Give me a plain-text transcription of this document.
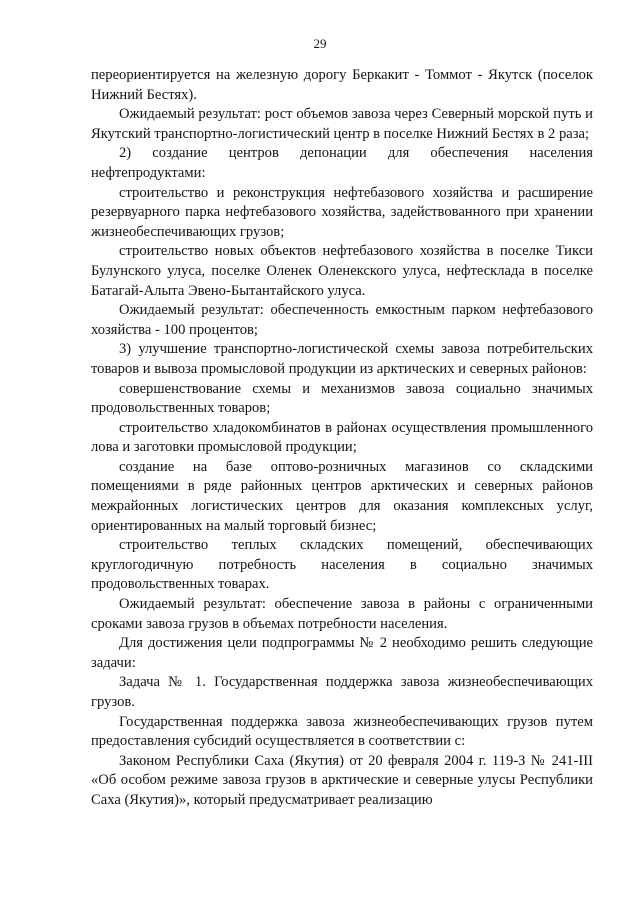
29

переориентируется на железную дорогу Беркакит - Томмот - Якутск (поселок Нижний Бестях).

Ожидаемый результат: рост объемов завоза через Северный морской путь и Якутский транспортно-логистический центр в поселке Нижний Бестях в 2 раза;

2) создание центров депонации для обеспечения населения нефтепродуктами:

строительство и реконструкция нефтебазового хозяйства и расширение резервуарного парка нефтебазового хозяйства, задействованного при хранении жизнеобеспечивающих грузов;

строительство новых объектов нефтебазового хозяйства в поселке Тикси Булунского улуса, поселке Оленек Оленекского улуса, нефтесклада в поселке Батагай-Алыта Эвено-Бытантайского улуса.

Ожидаемый результат: обеспеченность емкостным парком нефтебазового хозяйства - 100 процентов;

3) улучшение транспортно-логистической схемы завоза потребительских товаров и вывоза промысловой продукции из арктических и северных районов:

совершенствование схемы и механизмов завоза социально значимых продовольственных товаров;

строительство хладокомбинатов в районах осуществления промышленного лова и заготовки промысловой продукции;

создание на базе оптово-розничных магазинов со складскими помещениями в ряде районных центров арктических и северных районов межрайонных логистических центров для оказания комплексных услуг, ориентированных на малый торговый бизнес;

строительство теплых складских помещений, обеспечивающих круглогодичную потребность населения в социально значимых продовольственных товарах.

Ожидаемый результат: обеспечение завоза в районы с ограниченными сроками завоза грузов в объемах потребности населения.

Для достижения цели подпрограммы № 2 необходимо решить следующие задачи:

Задача № 1. Государственная поддержка завоза жизнеобеспечивающих грузов.

Государственная поддержка завоза жизнеобеспечивающих грузов путем предоставления субсидий осуществляется в соответствии с:

Законом Республики Саха (Якутия) от 20 февраля 2004 г. 119-З № 241-III «Об особом режиме завоза грузов в арктические и северные улусы Республики Саха (Якутия)», который предусматривает реализацию
